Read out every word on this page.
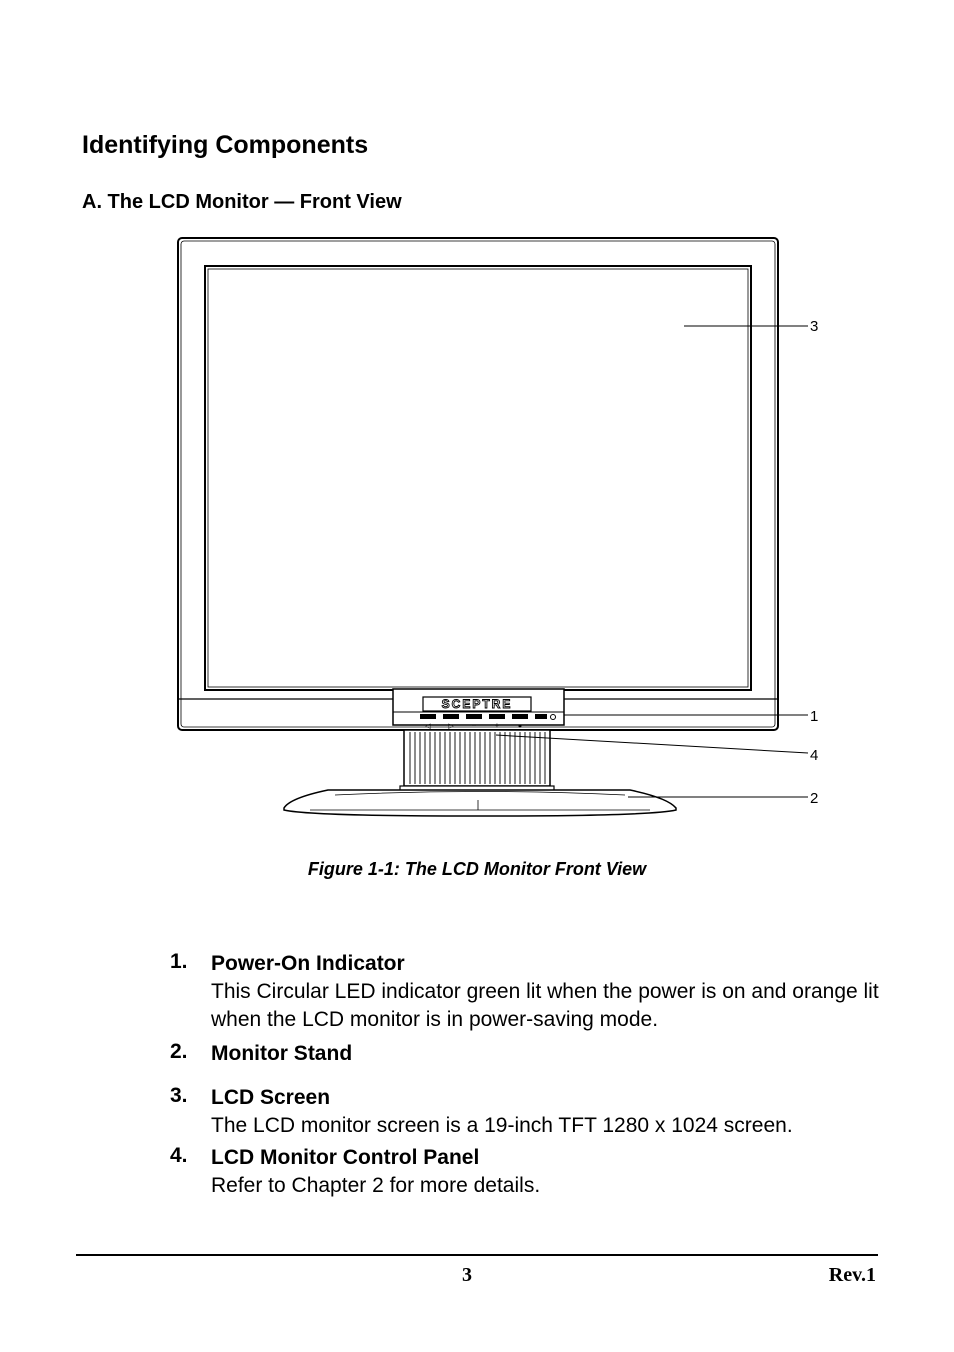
Identifying Components
A. The LCD Monitor — Front View
SCEPTRE
◁	▷ − +	●
3
1
4
2

Figure 1-1: The LCD Monitor Front View

1. Power-On Indicator
This Circular LED indicator green lit when the power is on and orange lit when the LCD monitor is in power-saving mode.
2. Monitor Stand
3. LCD Screen
The LCD monitor screen is a 19-inch TFT 1280 x 1024 screen.
4. LCD Monitor Control Panel
Refer to Chapter 2 for more details.
3	Rev.1
